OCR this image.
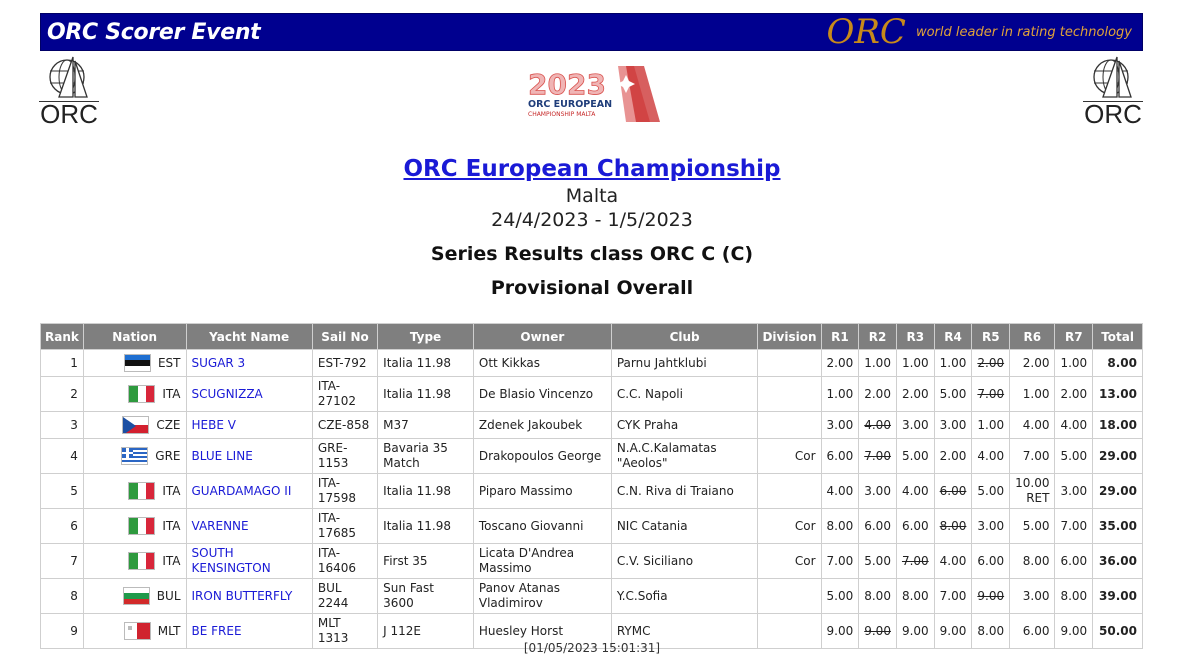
ORC Scorer Event	ORC world leader in rating technology
ORC	ORC
2023
ORC EUROPEAN
CHAMPIONSHIP MALTA
ORC European Championship
Malta
24/4/2023 - 1/5/2023
Series Results class ORC C (C)
Provisional Overall
Rank	Nation	Yacht Name	Sail No	Type	Owner	Club	Division	R1	R2	R3	R4	R5	R6	R7	Total
1	EST	SUGAR 3	EST-792	Italia 11.98	Ott Kikkas	Parnu Jahtklubi		2.00	1.00	1.00	1.00	2.00	2.00	1.00	8.00
2	ITA	SCUGNIZZA	ITA-27102	Italia 11.98	De Blasio Vincenzo	C.C. Napoli		1.00	2.00	2.00	5.00	7.00	1.00	2.00	13.00
3	CZE	HEBE V	CZE-858	M37	Zdenek Jakoubek	CYK Praha		3.00	4.00	3.00	3.00	1.00	4.00	4.00	18.00
4	GRE	BLUE LINE	GRE-1153	Bavaria 35 Match	Drakopoulos George	N.A.C.Kalamatas "Aeolos"	Cor	6.00	7.00	5.00	2.00	4.00	7.00	5.00	29.00
5	ITA	GUARDAMAGO II	ITA-17598	Italia 11.98	Piparo Massimo	C.N. Riva di Traiano		4.00	3.00	4.00	6.00	5.00	10.00 RET	3.00	29.00
6	ITA	VARENNE	ITA-17685	Italia 11.98	Toscano Giovanni	NIC Catania	Cor	8.00	6.00	6.00	8.00	3.00	5.00	7.00	35.00
7	ITA	SOUTH KENSINGTON	ITA-16406	First 35	Licata D'Andrea Massimo	C.V. Siciliano	Cor	7.00	5.00	7.00	4.00	6.00	8.00	6.00	36.00
8	BUL	IRON BUTTERFLY	BUL 2244	Sun Fast 3600	Panov Atanas Vladimirov	Y.C.Sofia		5.00	8.00	8.00	7.00	9.00	3.00	8.00	39.00
9	MLT	BE FREE	MLT 1313	J 112E	Huesley Horst	RYMC		9.00	9.00	9.00	9.00	8.00	6.00	9.00	50.00
[01/05/2023 15:01:31]
